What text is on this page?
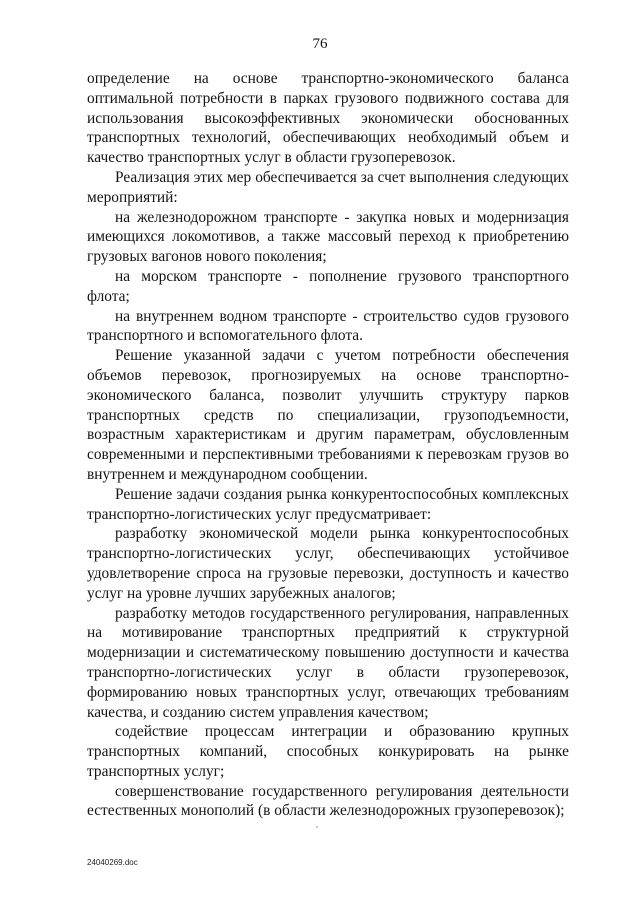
76

определение на основе транспортно-экономического баланса оптимальной потребности в парках грузового подвижного состава для использования высокоэффективных экономически обоснованных транспортных технологий, обеспечивающих необходимый объем и качество транспортных услуг в области грузоперевозок.

Реализация этих мер обеспечивается за счет выполнения следующих мероприятий:

на железнодорожном транспорте - закупка новых и модернизация имеющихся локомотивов, а также массовый переход к приобретению грузовых вагонов нового поколения;

на морском транспорте - пополнение грузового транспортного флота;

на внутреннем водном транспорте - строительство судов грузового транспортного и вспомогательного флота.

Решение указанной задачи с учетом потребности обеспечения объемов перевозок, прогнозируемых на основе транспортно-экономического баланса, позволит улучшить структуру парков транспортных средств по специализации, грузоподъемности, возрастным характеристикам и другим параметрам, обусловленным современными и перспективными требованиями к перевозкам грузов во внутреннем и международном сообщении.

Решение задачи создания рынка конкурентоспособных комплексных транспортно-логистических услуг предусматривает:

разработку экономической модели рынка конкурентоспособных транспортно-логистических услуг, обеспечивающих устойчивое удовлетворение спроса на грузовые перевозки, доступность и качество услуг на уровне лучших зарубежных аналогов;

разработку методов государственного регулирования, направленных на мотивирование транспортных предприятий к структурной модернизации и систематическому повышению доступности и качества транспортно-логистических услуг в области грузоперевозок, формированию новых транспортных услуг, отвечающих требованиям качества, и созданию систем управления качеством;

содействие процессам интеграции и образованию крупных транспортных компаний, способных конкурировать на рынке транспортных услуг;

совершенствование государственного регулирования деятельности естественных монополий (в области железнодорожных грузоперевозок);

24040269.doc
